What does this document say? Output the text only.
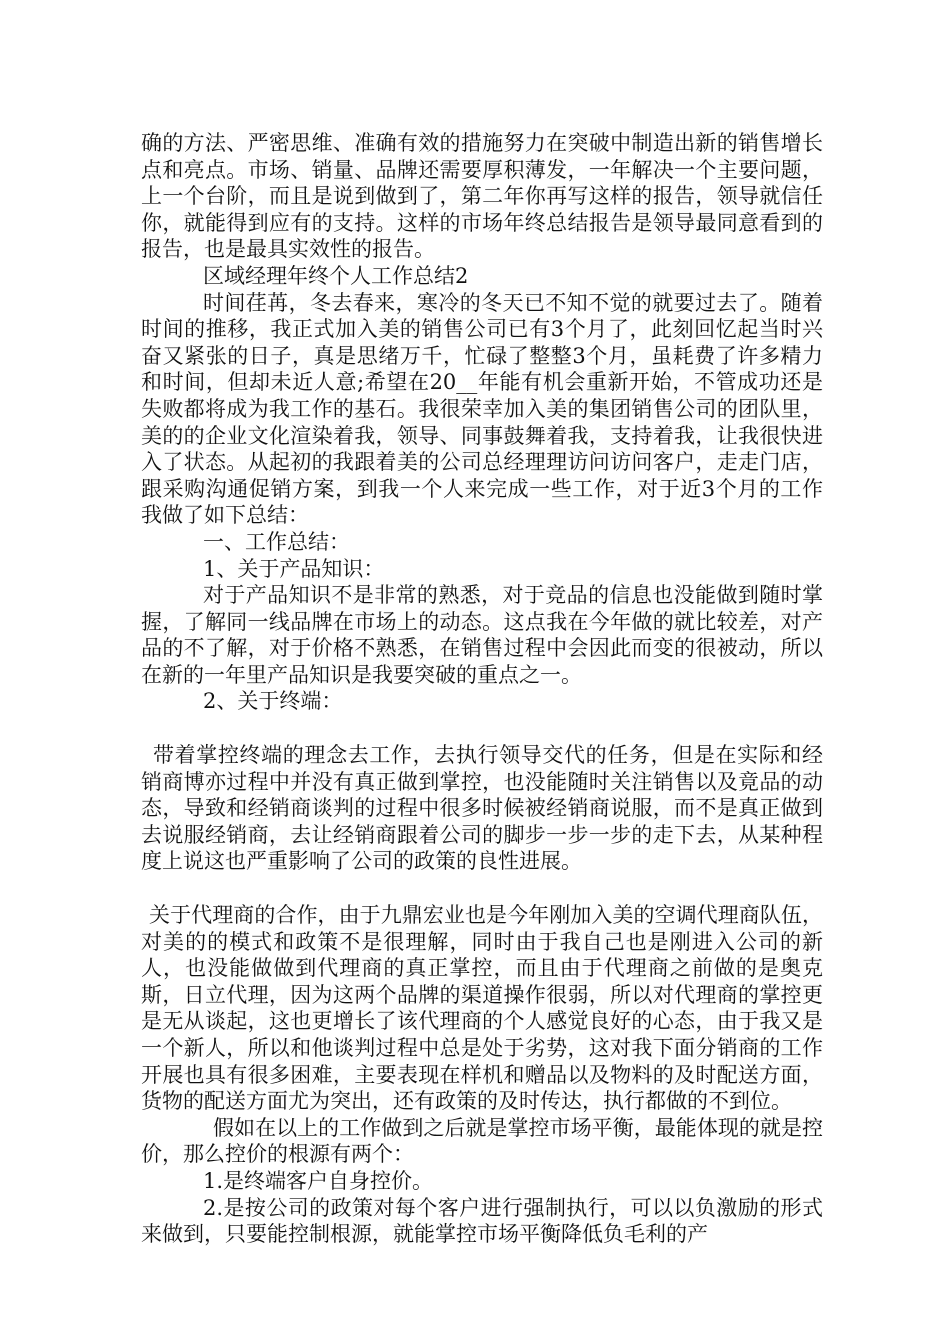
确的方法、严密思维、准确有效的措施努力在突破中制造出新的销售增长点和亮点。市场、销量、品牌还需要厚积薄发，一年解决一个主要问题，上一个台阶，而且是说到做到了，第二年你再写这样的报告，领导就信任你，就能得到应有的支持。这样的市场年终总结报告是领导最同意看到的报告，也是最具实效性的报告。

区域经理年终个人工作总结2

时间荏苒，冬去春来，寒冷的冬天已不知不觉的就要过去了。随着时间的推移，我正式加入美的销售公司已有3个月了，此刻回忆起当时兴奋又紧张的日子，真是思绪万千，忙碌了整整3个月，虽耗费了许多精力和时间，但却未近人意;希望在20__年能有机会重新开始，不管成功还是失败都将成为我工作的基石。我很荣幸加入美的集团销售公司的团队里，美的的企业文化渲染着我，领导、同事鼓舞着我，支持着我，让我很快进入了状态。从起初的我跟着美的公司总经理理访问访问客户，走走门店，跟采购沟通促销方案，到我一个人来完成一些工作，对于近3个月的工作我做了如下总结：

一、工作总结：

1、关于产品知识：

对于产品知识不是非常的熟悉，对于竞品的信息也没能做到随时掌握，了解同一线品牌在市场上的动态。这点我在今年做的就比较差，对产品的不了解，对于价格不熟悉，在销售过程中会因此而变的很被动，所以在新的一年里产品知识是我要突破的重点之一。

2、关于终端：

带着掌控终端的理念去工作，去执行领导交代的任务，但是在实际和经销商博亦过程中并没有真正做到掌控，也没能随时关注销售以及竟品的动态，导致和经销商谈判的过程中很多时候被经销商说服，而不是真正做到去说服经销商，去让经销商跟着公司的脚步一步一步的走下去，从某种程度上说这也严重影响了公司的政策的良性进展。

关于代理商的合作，由于九鼎宏业也是今年刚加入美的空调代理商队伍，对美的的模式和政策不是很理解，同时由于我自己也是刚进入公司的新人，也没能做做到代理商的真正掌控，而且由于代理商之前做的是奥克斯，日立代理，因为这两个品牌的渠道操作很弱，所以对代理商的掌控更是无从谈起，这也更增长了该代理商的个人感觉良好的心态，由于我又是一个新人，所以和他谈判过程中总是处于劣势，这对我下面分销商的工作开展也具有很多困难，主要表现在样机和赠品以及物料的及时配送方面，货物的配送方面尤为突出，还有政策的及时传达，执行都做的不到位。

假如在以上的工作做到之后就是掌控市场平衡，最能体现的就是控价，那么控价的根源有两个：

1.是终端客户自身控价。

2.是按公司的政策对每个客户进行强制执行，可以以负激励的形式来做到，只要能控制根源，就能掌控市场平衡降低负毛利的产
